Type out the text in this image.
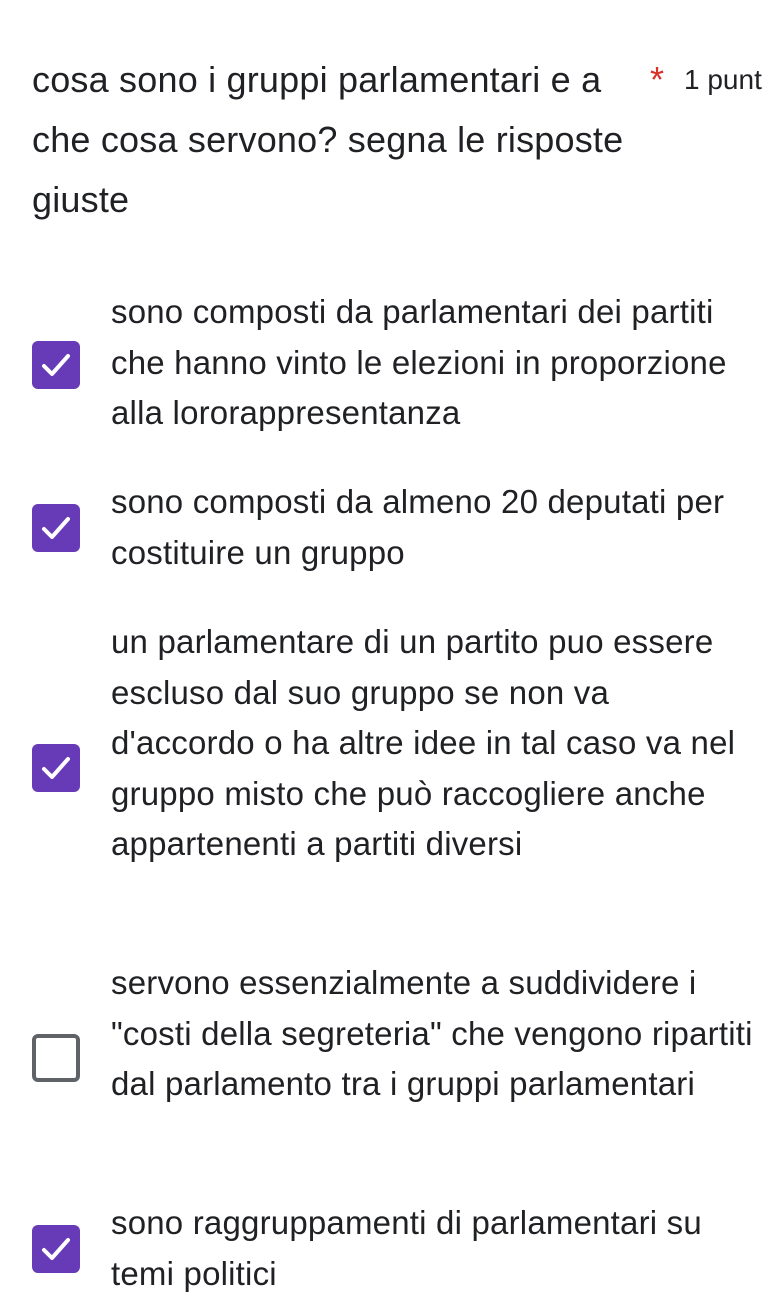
cosa sono i gruppi parlamentari e a che cosa servono? segna le risposte giuste
* 1 punt
sono composti da parlamentari dei partiti che hanno vinto le elezioni in proporzione alla lororappresentanza
sono composti da almeno 20 deputati per costituire un gruppo
un parlamentare di un partito puo essere escluso dal suo gruppo se non va d'accordo o ha altre idee in tal caso va nel gruppo misto che può raccogliere anche appartenenti a partiti diversi
servono essenzialmente a suddividere i "costi della segreteria" che vengono ripartiti dal parlamento tra i gruppi parlamentari
sono raggruppamenti di parlamentari su temi politici
